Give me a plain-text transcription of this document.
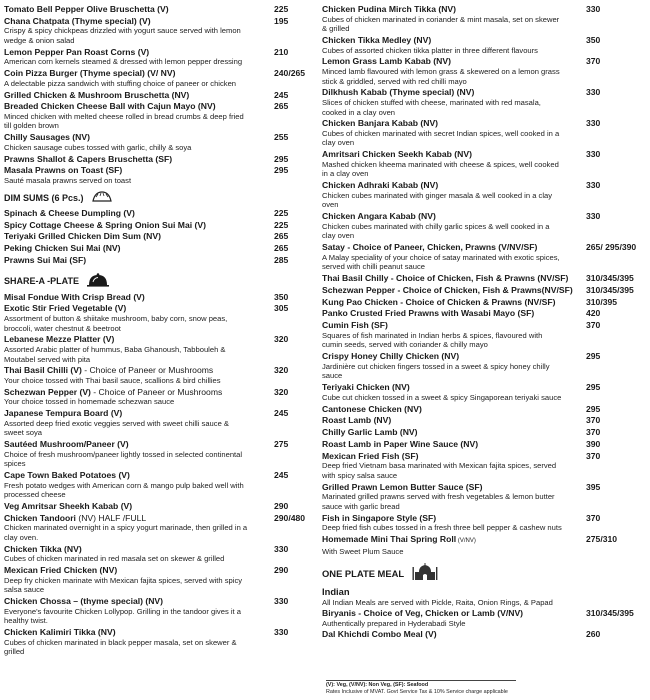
Tomato Bell Pepper Olive Bruschetta (V)	225
Chana Chatpata (Thyme special) (V)	195
Crispy & spicy chickpeas drizzled with yogurt sauce served with lemon wedge & onion salad
Lemon Pepper Pan Roast Corns (V)	210
American corn kernels steamed & dressed with lemon pepper dressing
Coin Pizza Burger (Thyme special) (V/ NV)	240/265
A delectable pizza sandwich with stuffing choice of paneer or chicken
Grilled Chicken & Mushroom Bruschetta (NV)	245
Breaded Chicken Cheese Ball with Cajun Mayo (NV)	265
Minced chicken with melted cheese rolled in bread crumbs & deep fried till golden brown
Chilly Sausages (NV)	255
Chicken sausage cubes tossed with garlic, chilly & soya
Prawns Shallot & Capers Bruschetta (SF)	295
Masala Prawns on Toast (SF)	295
Sauté masala prawns served on toast
DIM SUMS (6 Pcs.)
Spinach & Cheese Dumpling (V)	225
Spicy Cottage Cheese & Spring Onion Sui Mai (V)	225
Teriyaki Grilled Chicken Dim Sum (NV)	265
Peking Chicken Sui Mai (NV)	265
Prawns Sui Mai (SF)	285
SHARE-A -PLATE
Misal Fondue With Crisp Bread (V)	350
Exotic Stir Fried Vegetable (V)	305
Assortment of button & shiitake mushroom, baby corn, snow peas, broccoli, water chestnut & beetroot
Lebanese Mezze Platter (V)	320
Assorted Arabic platter of hummus, Baba Ghanoush, Tabbouleh & Moutabel served with pita
Thai Basil Chilli (V) - Choice of Paneer or Mushrooms	320
Your choice tossed with Thai basil sauce, scallions & bird chillies
Schezwan Pepper (V) - Choice of Paneer or Mushrooms	320
Your choice tossed in homemade schezwan sauce
Japanese Tempura Board (V)	245
Assorted deep fried exotic veggies served with sweet chilli sauce & sweet soya
Sautéed Mushroom/Paneer (V)	275
Choice of fresh mushroom/paneer lightly tossed in selected continental spices
Cape Town Baked Potatoes (V)	245
Fresh potato wedges with American corn & mango pulp baked well with processed cheese
Veg Amritsar Sheekh Kabab (V)	290
Chicken Tandoori (NV) HALF /FULL	290/480
Chicken marinated overnight in a spicy yogurt marinade, then grilled in a clay oven.
Chicken Tikka (NV)	330
Cubes of chicken marinated in red masala set on skewer & grilled
Mexican Fried Chicken (NV)	290
Deep fry chicken marinate with Mexican fajita spices, served with spicy salsa sauce
Chicken Chossa – (thyme special) (NV)	330
Everyone's favourite Chicken Lollypop. Grilling in the tandoor gives it a healthy twist.
Chicken Kalimiri Tikka (NV)	330
Cubes of chicken marinated in black pepper masala, set on skewer & grilled
Chicken Pudina Mirch Tikka (NV)	330
Cubes of chicken marinated in coriander & mint masala, set on skewer & grilled
Chicken Tikka Medley (NV)	350
Cubes of assorted chicken tikka platter in three different flavours
Lemon Grass Lamb Kabab (NV)	370
Minced lamb flavoured with lemon grass & skewered on a lemon grass stick & griddled, served with red chilli mayo
Dilkhush Kabab (Thyme special) (NV)	330
Slices of chicken stuffed with cheese, marinated with red masala, cooked in a clay oven
Chicken Banjara Kabab (NV)	330
Cubes of chicken marinated with secret Indian spices, well cooked in a clay oven
Amritsari Chicken Seekh Kabab (NV)	330
Mashed chicken kheema marinated with cheese & spices, well cooked in a clay oven
Chicken Adhraki Kabab (NV)	330
Chicken cubes marinated with ginger masala & well cooked in a clay oven
Chicken Angara Kabab (NV)	330
Chicken cubes marinated with chilly garlic spices & well cooked in a clay oven
Satay - Choice of Paneer, Chicken, Prawns (V/NV/SF)	265/ 295/390
A Malay speciality of your choice of satay marinated with exotic spices, served with chilli peanut sauce
Thai Basil Chilly - Choice of Chicken, Fish & Prawns (NV/SF) 310/345/395
Schezwan Pepper - Choice of Chicken, Fish & Prawns(NV/SF) 310/345/395
Kung Pao Chicken - Choice of Chicken & Prawns (NV/SF)	310/395
Panko Crusted Fried Prawns with Wasabi Mayo (SF)	420
Cumin Fish (SF)	370
Squares of fish marinated in Indian herbs & spices, flavoured with cumin seeds, served with coriander & chilly mayo
Crispy Honey Chilly Chicken (NV)	295
Jardinière cut chicken fingers tossed in a sweet & spicy honey chilly sauce
Teriyaki Chicken (NV)	295
Cube cut chicken tossed in a sweet & spicy Singaporean teriyaki sauce
Cantonese Chicken (NV)	295
Roast Lamb (NV)	370
Chilly Garlic Lamb (NV)	370
Roast Lamb in Paper Wine Sauce (NV)	390
Mexican Fried Fish (SF)	370
Deep fried Vietnam basa marinated with Mexican fajita spices, served with spicy salsa sauce
Grilled Prawn Lemon Butter Sauce (SF)	395
Marinated grilled prawns served with fresh vegetables & lemon butter sauce with garlic bread
Fish in Singapore Style (SF)	370
Deep fried fish cubes tossed in a fresh three bell pepper & cashew nuts
Homemade Mini Thai Spring Roll (V/NV)	275/310
With Sweet Plum Sauce
ONE PLATE MEAL
Indian
All Indian Meals are served with Pickle, Raita, Onion Rings, & Papad
Biryanis - Choice of Veg, Chicken or Lamb (V/NV)	310/345/395
Authentically prepared in Hyderabadi Style
Dal Khichdi Combo Meal (V)	260
(V): Veg, (V/NV): Non Veg, (SF): Seafood
Rates Inclusive of MVAT. Govt Service Tax & 10% Service charge applicable
